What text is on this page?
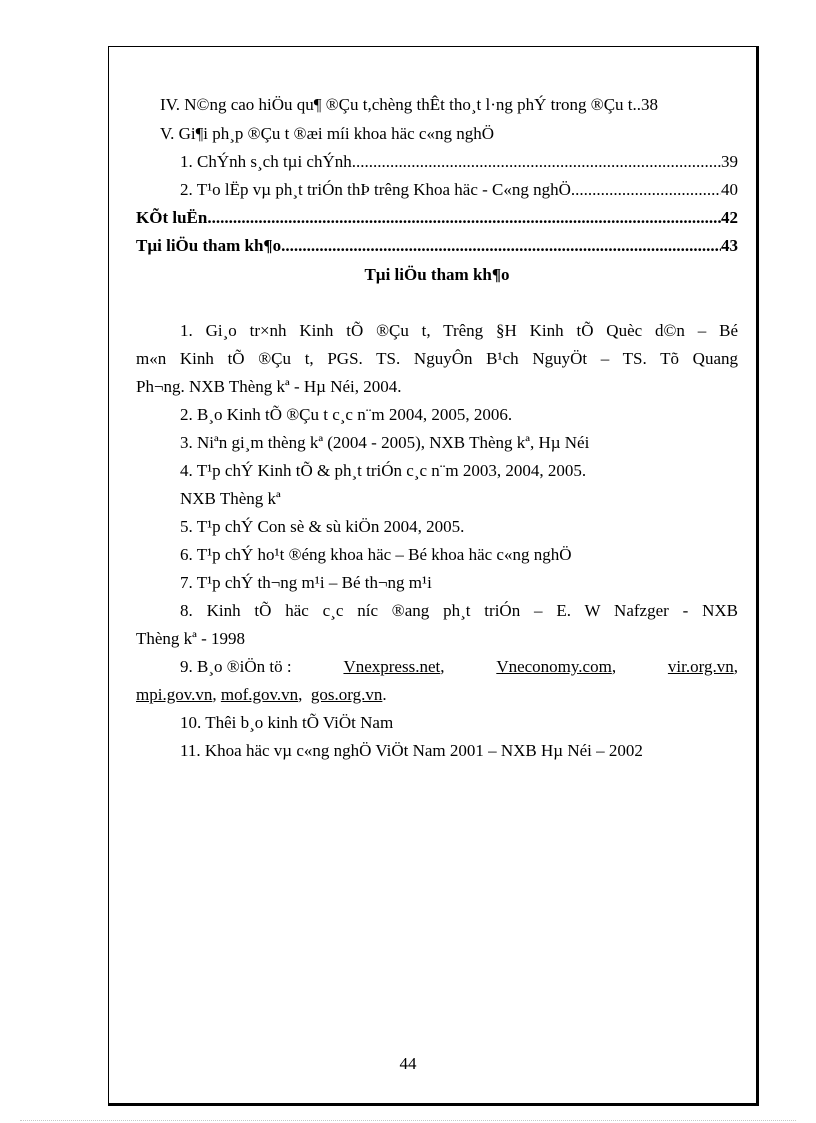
IV. N©ng cao hiÖu qu¶ ®Çu t,chèng thÊt tho¸t l·ng phÝ trong ®Çu t ..38
V. Gi¶i ph¸p ®Çu t ®æi míi khoa häc c«ng nghÖ
1. ChÝnh s¸ch tµi chÝnh .....	39
2. T¹o lËp vµ ph¸t triÓn thÞ trêng Khoa häc - C«ng nghÖ .....	40
KÕt luËn .....	42
Tµi liÖu tham kh¶o .....	43
Tµi liÖu tham kh¶o
1. Gi¸o tr×nh Kinh tÕ ®Çu t, Trêng §H Kinh tÕ Quèc d©n – Bé
m«n Kinh tÕ ®Çu t, PGS. TS. NguyÔn B¹ch NguyÖt – TS. Tõ Quang
Ph¬ng. NXB Thèng kª - Hµ Néi, 2004.
2. B¸o Kinh tÕ ®Çu t c¸c n¨m 2004, 2005, 2006.
3. Niªn gi¸m thèng kª (2004 - 2005), NXB Thèng kª, Hµ Néi
4. T¹p chÝ Kinh tÕ & ph¸t triÓn c¸c n¨m 2003, 2004, 2005.
NXB Thèng kª
5. T¹p chÝ Con sè & sù kiÖn 2004, 2005.
6. T¹p chÝ ho¹t ®éng khoa häc – Bé khoa häc c«ng nghÖ
7. T¹p chÝ th¬ng m¹i – Bé th¬ng m¹i
8. Kinh tÕ häc c¸c níc ®ang ph¸t triÓn – E. W Nafzger - NXB
Thèng kª - 1998
9. B¸o ®iÖn tö :	Vnexpress.net,	Vneconomy.com,	vir.org.vn,
mpi.gov.vn, mof.gov.vn,  gos.org.vn.
10. Thêi b¸o kinh tÕ ViÖt Nam
11. Khoa häc vµ c«ng nghÖ ViÖt Nam 2001 – NXB Hµ Néi – 2002
44
